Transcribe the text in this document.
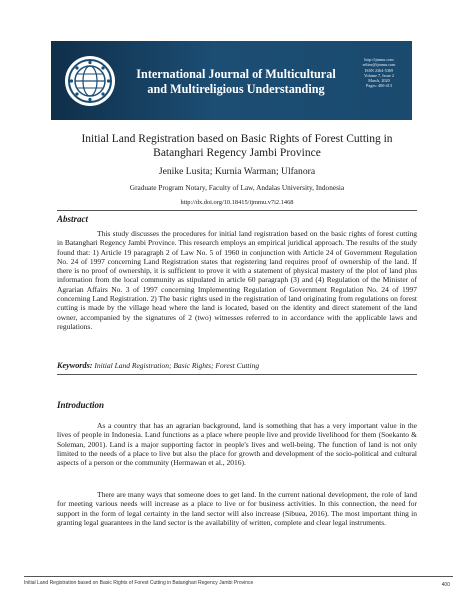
International Journal of Multicultural
and Multireligious Understanding
http://ijmmu.com
editor@ijmmu.com
ISSN 2364-5369
Volume 7, Issue 2
March, 2020
Pages: 400-413
Initial Land Registration based on Basic Rights of Forest Cutting in Batanghari Regency Jambi Province
Jenike Lusita; Kurnia Warman; Ulfanora
Graduate Program Notary, Faculty of Law, Andalas University, Indonesia
http://dx.doi.org/10.18415/ijmmu.v7i2.1468
Abstract
This study discusses the procedures for initial land registration based on the basic rights of forest cutting in Batanghari Regency Jambi Province. This research employs an empirical juridical approach. The results of the study found that: 1) Article 19 paragraph 2 of Law No. 5 of 1960 in conjunction with Article 24 of Government Regulation No. 24 of 1997 concerning Land Registration states that registering land requires proof of ownership of the land. If there is no proof of ownership, it is sufficient to prove it with a statement of physical mastery of the plot of land plus information from the local community as stipulated in article 60 paragraph (3) and (4) Regulation of the Minister of Agrarian Affairs No. 3 of 1997 concerning Implementing Regulation of Government Regulation No. 24 of 1997 concerning Land Registration. 2) The basic rights used in the registration of land originating from regulations on forest cutting is made by the village head where the land is located, based on the identity and direct statement of the land owner, accompanied by the signatures of 2 (two) witnesses referred to in accordance with the applicable laws and regulations.
Keywords: Initial Land Registration; Basic Rights; Forest Cutting
Introduction
As a country that has an agrarian background, land is something that has a very important value in the lives of people in Indonesia. Land functions as a place where people live and provide livelihood for them (Soekanto & Soleman, 2001). Land is a major supporting factor in people's lives and well-being. The function of land is not only limited to the needs of a place to live but also the place for growth and development of the socio-political and cultural aspects of a person or the community (Hermawan et al., 2016).
There are many ways that someone does to get land. In the current national development, the role of land for meeting various needs will increase as a place to live or for business activities. In this connection, the need for support in the form of legal certainty in the land sector will also increase (Sibuea, 2016). The most important thing in granting legal guarantees in the land sector is the availability of written, complete and clear legal instruments.
Initial Land Registration based on Basic Rights of Forest Cutting in Batanghari Regency Jambi Province	400
